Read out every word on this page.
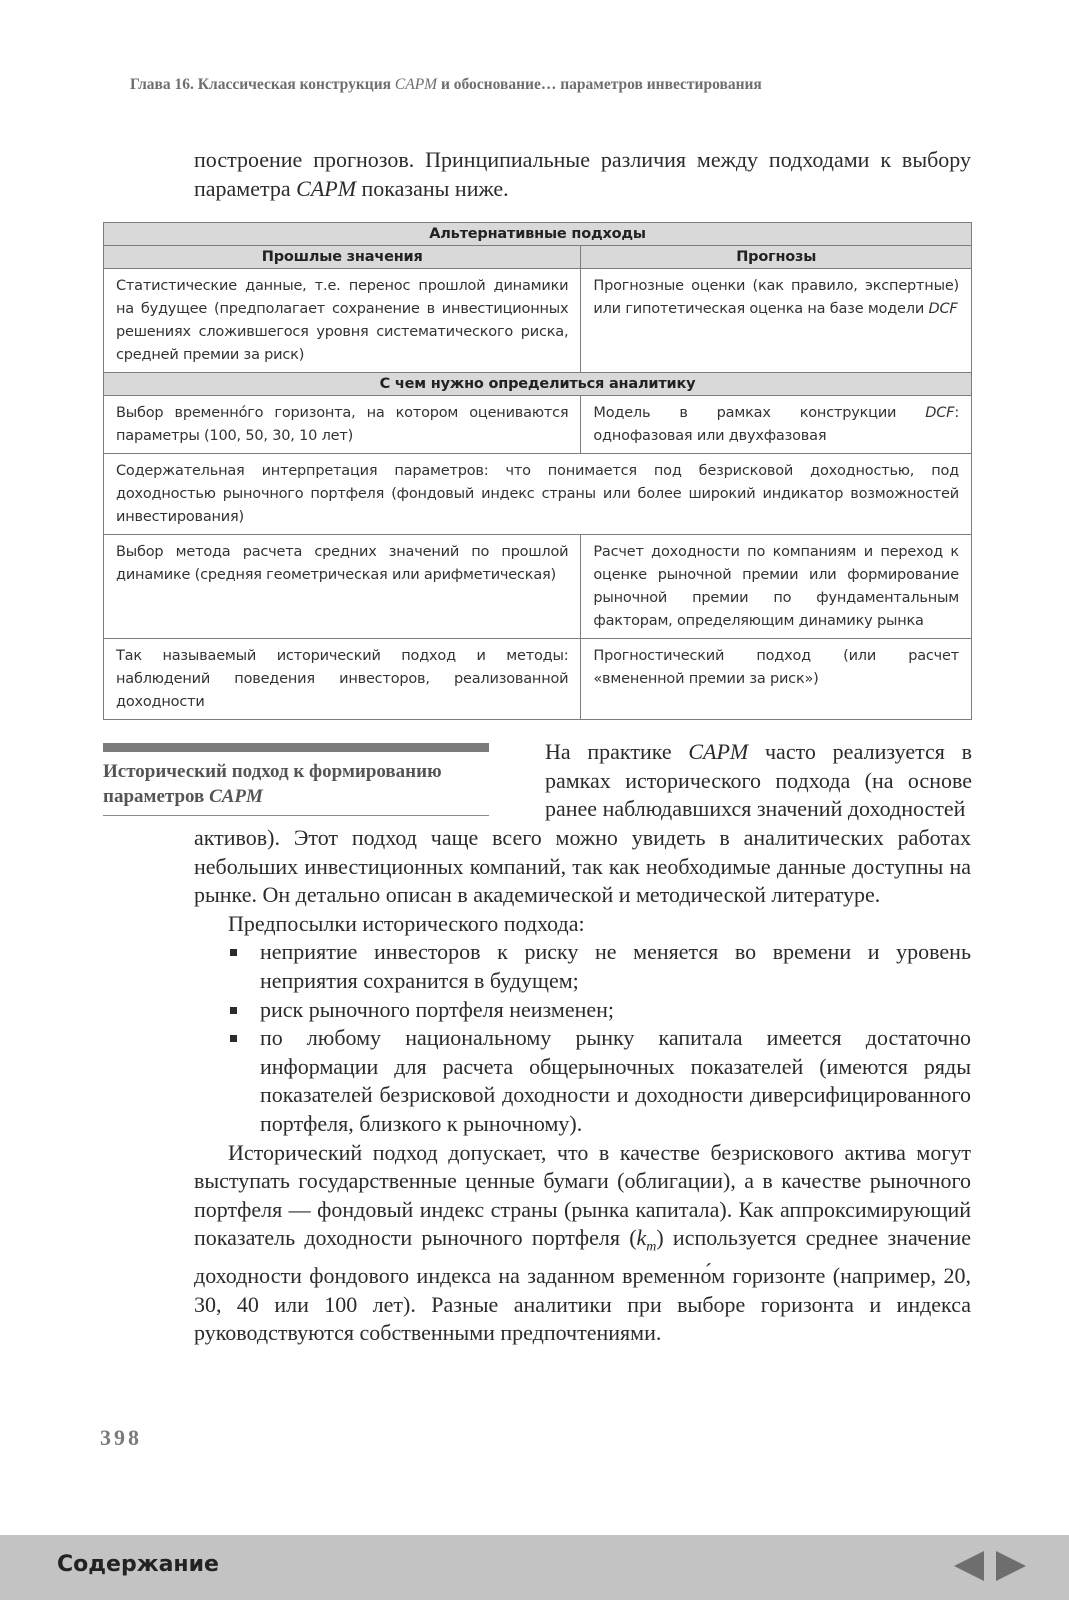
Глава 16. Классическая конструкция CAPM и обоснование… параметров инвестирования
построение прогнозов. Принципиальные различия между подходами к выбору параметра CAPM показаны ниже.
Альтернативные подходы	
Прошлые значения	Прогнозы
Статистические данные, т.е. перенос прошлой динамики на будущее (предполагает сохранение в инвестиционных решениях сложившегося уровня систематического риска, средней премии за риск)	Прогнозные оценки (как правило, экспертные) или гипотетическая оценка на базе модели DCF
С чем нужно определиться аналитику	
Выбор временно́го горизонта, на котором оцениваются параметры (100, 50, 30, 10 лет)	Модель в рамках конструкции DCF: однофазовая или двухфазовая
Содержательная интерпретация параметров: что понимается под безрисковой доходностью, под доходностью рыночного портфеля (фондовый индекс страны или более широкий индикатор возможностей инвестирования)	
Выбор метода расчета средних значений по прошлой динамике (средняя геометрическая или арифметическая)	Расчет доходности по компаниям и переход к оценке рыночной премии или формирование рыночной премии по фундаментальным факторам, определяющим динамику рынка
Так называемый исторический подход и методы: наблюдений поведения инвесторов, реализованной доходности	Прогностический подход (или расчет «вмененной премии за риск»)
Исторический подход к формированию параметров CAPM
На практике CAPM часто реализуется в рамках исторического подхода (на основе ранее наблюдавшихся значений доходностей
активов). Этот подход чаще всего можно увидеть в аналитических работах небольших инвестиционных компаний, так как необходимые данные доступны на рынке. Он детально описан в академической и методической литературе.
Предпосылки исторического подхода:
неприятие инвесторов к риску не меняется во времени и уровень неприятия сохранится в будущем;
риск рыночного портфеля неизменен;
по любому национальному рынку капитала имеется достаточно информации для расчета общерыночных показателей (имеются ряды показателей безрисковой доходности и доходности диверсифицированного портфеля, близкого к рыночному).
Исторический подход допускает, что в качестве безрискового актива могут выступать государственные ценные бумаги (облигации), а в качестве рыночного портфеля — фондовый индекс страны (рынка капитала). Как аппроксимирующий показатель доходности рыночного портфеля $(k_m)$ используется среднее значение доходности фондового индекса на заданном временно́м горизонте (например, 20, 30, 40 или 100 лет). Разные аналитики при выборе горизонта и индекса руководствуются собственными предпочтениями.
398
Содержание
